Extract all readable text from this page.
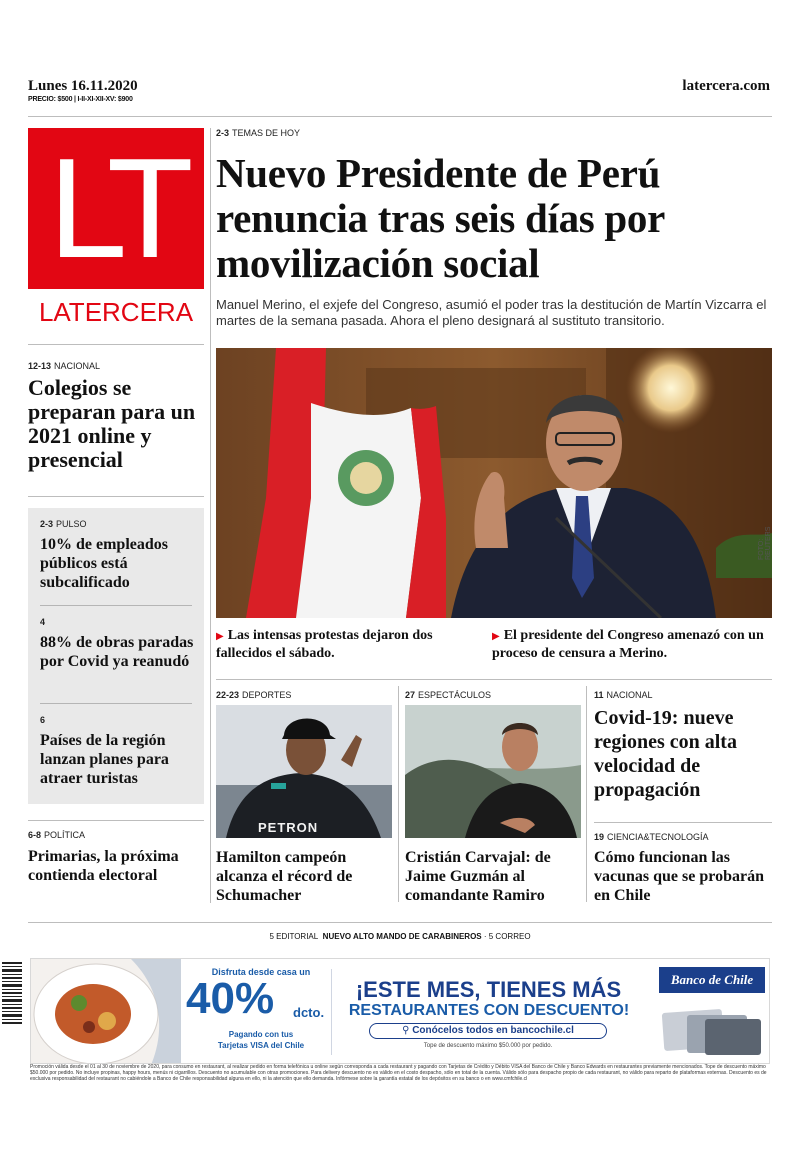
Lunes 16.11.2020
PRECIO: $500 | I-II-XI-XII-XV: $900
latercera.com
LT
LATERCERA
2-3 TEMAS DE HOY
Nuevo Presidente de Perú renuncia tras seis días por movilización social
Manuel Merino, el exjefe del Congreso, asumió el poder tras la destitución de Martín Vizcarra el martes de la semana pasada. Ahora el pleno designará al sustituto transitorio.
FOTO: REUTERS
▶ Las intensas protestas dejaron dos fallecidos el sábado.
▶ El presidente del Congreso amenazó con un proceso de censura a Merino.
12-13 NACIONAL
Colegios se preparan para un 2021 online y presencial
2-3 PULSO
10% de empleados públicos está subcalificado
4
88% de obras paradas por Covid ya reanudó
6
Países de la región lanzan planes para atraer turistas
6-8 POLÍTICA
Primarias, la próxima contienda electoral
22-23 DEPORTES
PETRON
Hamilton campeón alcanza el récord de Schumacher
27 ESPECTÁCULOS
Cristián Carvajal: de Jaime Guzmán al comandante Ramiro
11 NACIONAL
Covid-19: nueve regiones con alta velocidad de propagación
19 CIENCIA&TECNOLOGÍA
Cómo funcionan las vacunas que se probarán en Chile
5 EDITORIAL NUEVO ALTO MANDO DE CARABINEROS · 5 CORREO
Disfruta desde casa un
40% dcto.
Pagando con tus
Tarjetas VISA del Chile
¡ESTE MES, TIENES MÁS
RESTAURANTES CON DESCUENTO!
⚲ Conócelos todos en bancochile.cl
Tope de descuento máximo $50.000 por pedido.
Banco de Chile
Promoción válida desde el 01 al 30 de noviembre de 2020, para consumo en restaurant, al realizar pedido en forma telefónica u online según corresponda a cada restaurant y pagando con Tarjetas de Crédito y Débito VISA del Banco de Chile y Banco Edwards en restaurantes previamente mencionados. Tope de descuento máximo $50.000 por pedido. No incluye propinas, happy hours, menús ni cigarrillos. Descuento no acumulable con otras promociones. Para delivery descuento no es válido en el costo despacho, sólo en total de la cuenta. Válido sólo para despacho propio de cada restaurant, no válido para reparto de plataformas externas. Descuento es de exclusiva responsabilidad del restaurant no cabiéndole a Banco de Chile responsabilidad alguna en ello, ni la atención que ello demanda. Infórmese sobre la garantía estatal de los depósitos en su banco o en www.cmfchile.cl
